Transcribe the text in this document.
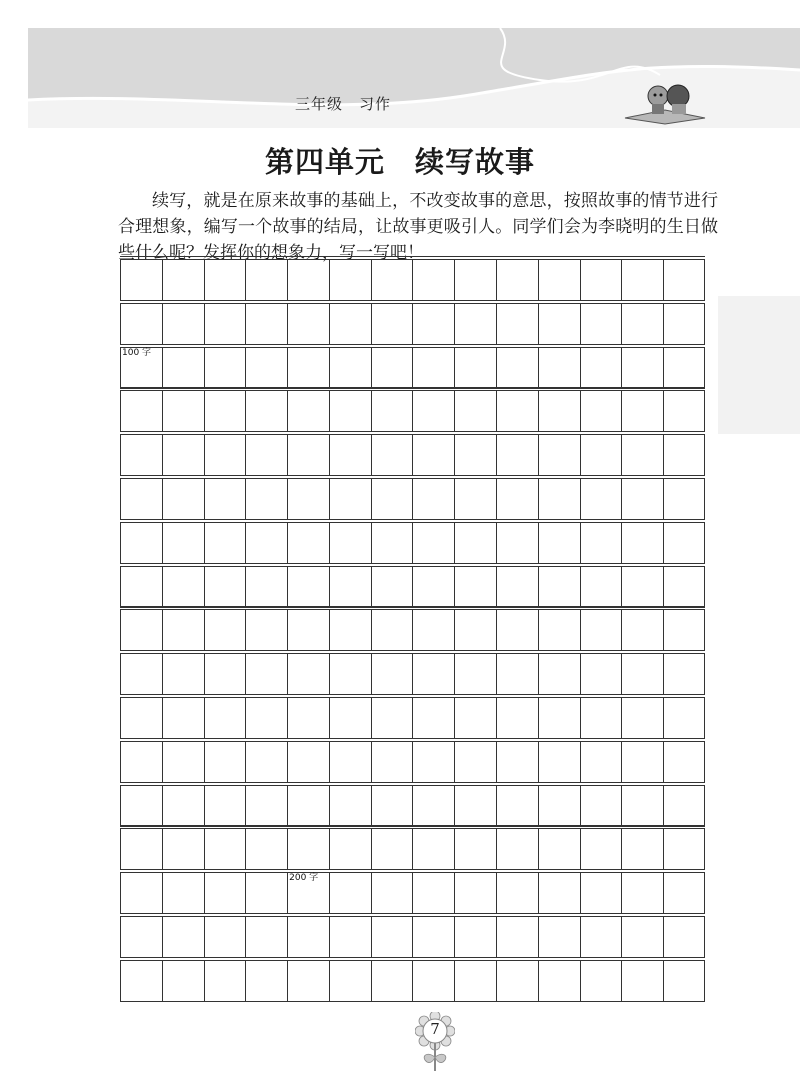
三年级　习作
第四单元　续写故事
续写，就是在原来故事的基础上，不改变故事的意思，按照故事的情节进行合理想象，编写一个故事的结局，让故事更吸引人。同学们会为李晓明的生日做些什么呢？发挥你的想象力，写一写吧！
100 字
200 字
7
